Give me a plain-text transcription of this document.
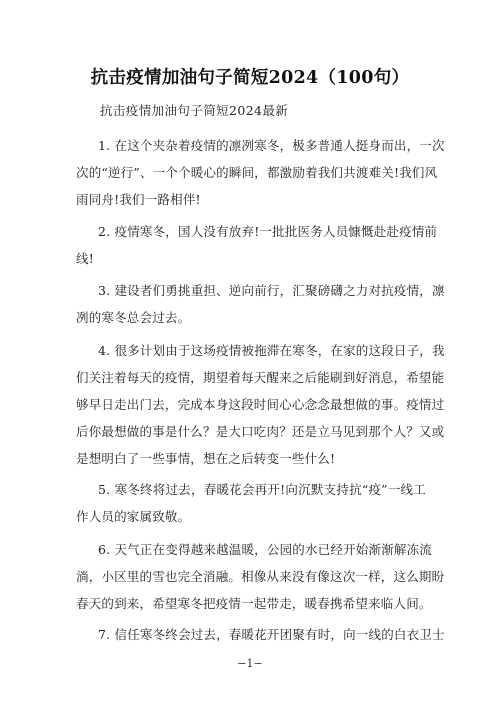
抗击疫情加油句子简短2024（100句）
抗击疫情加油句子简短2024最新
1. 在这个夹杂着疫情的凛冽寒冬，极多普通人挺身而出，一次
次的“逆行”、一个个暖心的瞬间，都激励着我们共渡难关!我们风
雨同舟!我们一路相伴!
2. 疫情寒冬，国人没有放弃!一批批医务人员慷慨赴赴疫情前
线!
3. 建设者们勇挑重担、逆向前行，汇聚磅礴之力对抗疫情，凛
冽的寒冬总会过去。
4. 很多计划由于这场疫情被拖滞在寒冬，在家的这段日子，我
们关注着每天的疫情，期望着每天醒来之后能刷到好消息，希望能
够早日走出门去，完成本身这段时间心心念念最想做的事。疫情过
后你最想做的事是什么？是大口吃肉？还是立马见到那个人？又或
是想明白了一些事情，想在之后转变一些什么!
5. 寒冬终将过去，春暖花会再开!向沉默支持抗“疫”一线工
作人员的家属致敬。
6. 天气正在变得越来越温暖，公园的水已经开始渐渐解冻流
淌，小区里的雪也完全消融。相像从来没有像这次一样，这么期盼
春天的到来，希望寒冬把疫情一起带走，暖春携希望来临人间。
7. 信任寒冬终会过去，春暖花开团聚有时，向一线的白衣卫士
−1−
